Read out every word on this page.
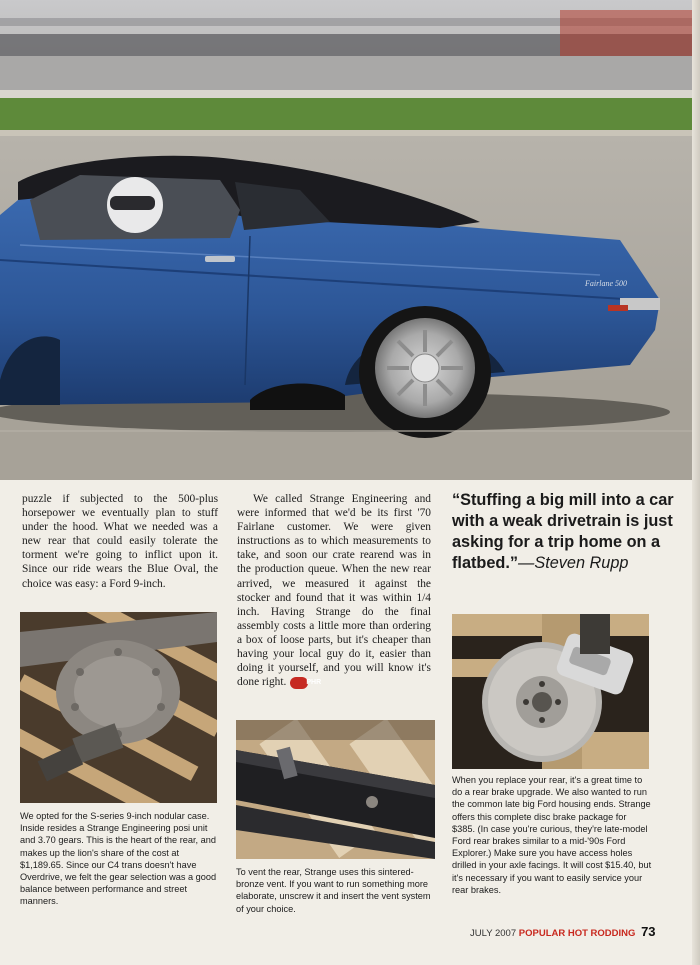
Fairlane 500

puzzle if subjected to the 500-plus horsepower we eventually plan to stuff under the hood. What we needed was a new rear that could easily tolerate the torment we're going to inflict upon it. Since our ride wears the Blue Oval, the choice was easy: a Ford 9-inch.

We called Strange Engineering and were informed that we'd be its first '70 Fairlane customer. We were given instructions as to which measurements to take, and soon our crate rearend was in the production queue. When the new rear arrived, we measured it against the stocker and found that it was within 1/4 inch. Having Strange do the final assembly costs a little more than ordering a box of loose parts, but it's cheaper than having your local guy do it, easier than doing it yourself, and you will know it's done right.	PHR

“Stuffing a big mill into a car with a weak drivetrain is just asking for a trip home on a flatbed.”—Steven Rupp
We opted for the S-series 9-inch nodular case. Inside resides a Strange Engineering posi unit and 3.70 gears. This is the heart of the rear, and makes up the lion's share of the cost at $1,189.65. Since our C4 trans doesn't have Overdrive, we felt the gear selection was a good balance between performance and street manners.
To vent the rear, Strange uses this sintered-bronze vent. If you want to run something more elaborate, unscrew it and insert the vent system of your choice.
When you replace your rear, it's a great time to do a rear brake upgrade. We also wanted to run the common late big Ford housing ends. Strange offers this complete disc brake package for $385. (In case you're curious, they're late-model Ford rear brakes similar to a mid-'90s Ford Explorer.) Make sure you have access holes drilled in your axle facings. It will cost $15.40, but it's necessary if you want to easily service your rear brakes.
JULY 2007 POPULAR HOT RODDING 73
